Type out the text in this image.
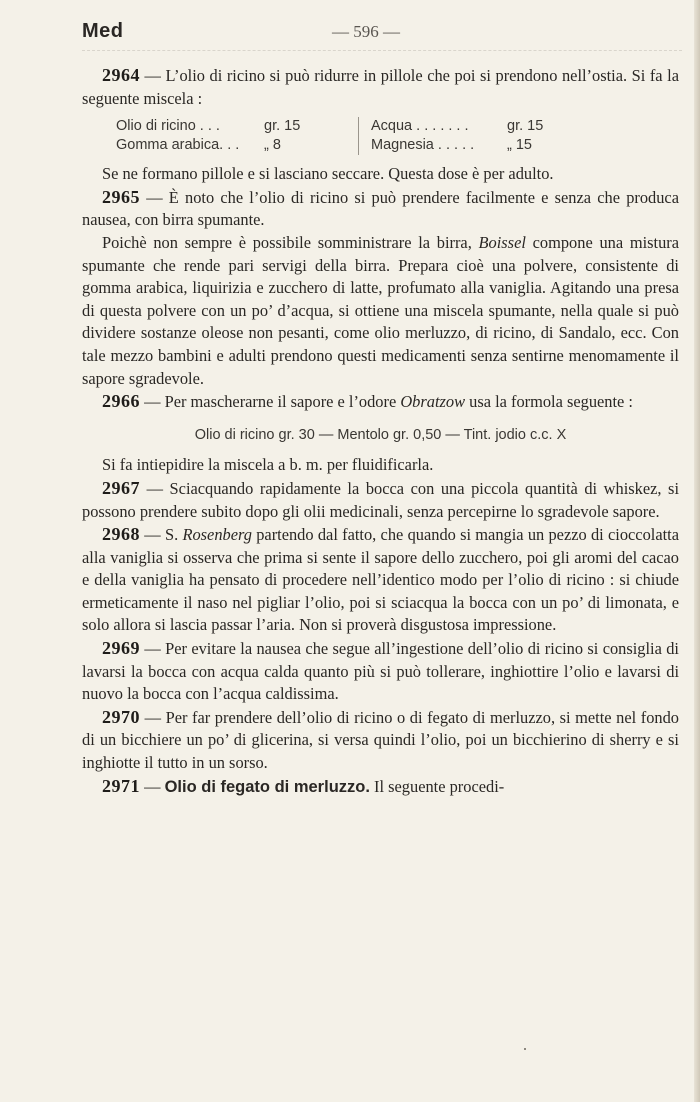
Med	— 596 —

2964 — L’olio di ricino si può ridurre in pillole che poi si prendono nell’ostia. Si fa la seguente miscela :

Olio di ricino . . .	gr. 15	Acqua . . . . . . .	gr. 15
Gomma arabica. . .	„ 8	Magnesia . . . . .	„ 15

Se ne formano pillole e si lasciano seccare. Questa dose è per adulto.

2965 — È noto che l’olio di ricino si può prendere facilmente e senza che produca nausea, con birra spumante.

Poichè non sempre è possibile somministrare la birra, Boissel compone una mistura spumante che rende pari servigi della birra. Prepara cioè una polvere, consistente di gomma arabica, liquirizia e zucchero di latte, profumato alla vaniglia. Agitando una presa di questa polvere con un po’ d’acqua, si ottiene una miscela spumante, nella quale si può dividere sostanze oleose non pesanti, come olio merluzzo, di ricino, di Sandalo, ecc. Con tale mezzo bambini e adulti prendono questi medicamenti senza sentirne menomamente il sapore sgradevole.

2966 — Per mascherarne il sapore e l’odore Obratzow usa la formola seguente :

Olio di ricino gr. 30 — Mentolo gr. 0,50 — Tint. jodio c.c. X

Si fa intiepidire la miscela a b. m. per fluidificarla.

2967 — Sciacquando rapidamente la bocca con una piccola quantità di whiskez, si possono prendere subito dopo gli olii medicinali, senza percepirne lo sgradevole sapore.

2968 — S. Rosenberg partendo dal fatto, che quando si mangia un pezzo di cioccolatta alla vaniglia si osserva che prima si sente il sapore dello zucchero, poi gli aromi del cacao e della vaniglia ha pensato di procedere nell’identico modo per l’olio di ricino : si chiude ermeticamente il naso nel pigliar l’olio, poi si sciacqua la bocca con un po’ di limonata, e solo allora si lascia passar l’aria. Non si proverà disgustosa impressione.

2969 — Per evitare la nausea che segue all’ingestione dell’olio di ricino si consiglia di lavarsi la bocca con acqua calda quanto più si può tollerare, inghiottire l’olio e lavarsi di nuovo la bocca con l’acqua caldissima.

2970 — Per far prendere dell’olio di ricino o di fegato di merluzzo, si mette nel fondo di un bicchiere un po’ di glicerina, si versa quindi l’olio, poi un bicchierino di sherry e si inghiotte il tutto in un sorso.

2971 — Olio di fegato di merluzzo. Il seguente procedi-
